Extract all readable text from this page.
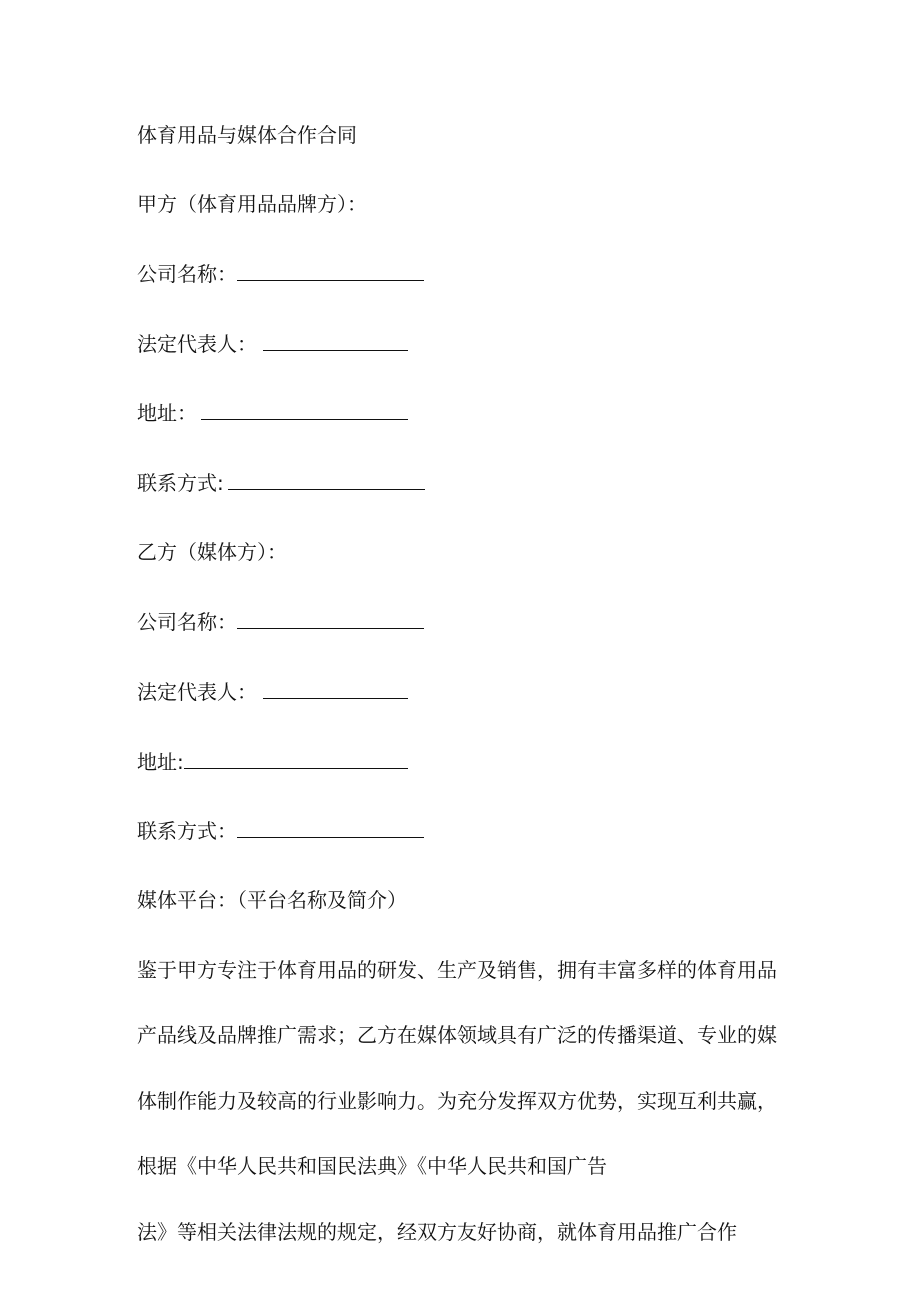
体育用品与媒体合作合同
甲方（体育用品品牌方）：
公司名称：
法定代表人：
地址：
联系方式:
乙方（媒体方）：
公司名称：
法定代表人：
地址:
联系方式：
媒体平台：（平台名称及简介）
鉴于甲方专注于体育用品的研发、生产及销售，拥有丰富多样的体育用品
产品线及品牌推广需求；乙方在媒体领域具有广泛的传播渠道、专业的媒
体制作能力及较高的行业影响力。为充分发挥双方优势，实现互利共赢，
根据《中华人民共和国民法典》《中华人民共和国广告
法》等相关法律法规的规定，经双方友好协商，就体育用品推广合作
